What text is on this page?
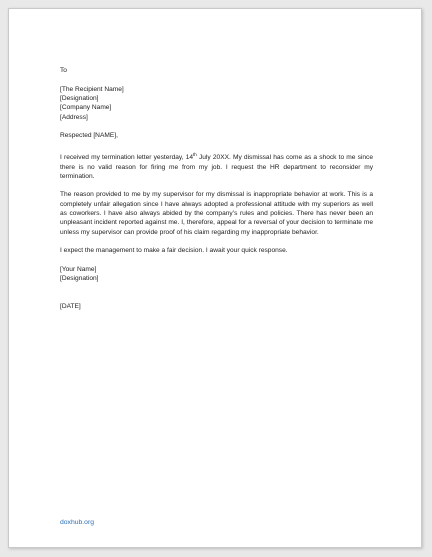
To

[The Recipient Name]

[Designation]

[Company Name]

[Address]

Respected [NAME],

I received my termination letter yesterday, 14th July 20XX. My dismissal has come as a shock to me since there is no valid reason for firing me from my job. I request the HR department to reconsider my termination.

The reason provided to me by my supervisor for my dismissal is inappropriate behavior at work. This is a completely unfair allegation since I have always adopted a professional attitude with my superiors as well as coworkers. I have also always abided by the company’s rules and policies. There has never been an unpleasant incident reported against me. I, therefore, appeal for a reversal of your decision to terminate me unless my supervisor can provide proof of his claim regarding my inappropriate behavior.

I expect the management to make a fair decision. I await your quick response.

[Your Name]

[Designation]

[DATE]

doxhub.org
